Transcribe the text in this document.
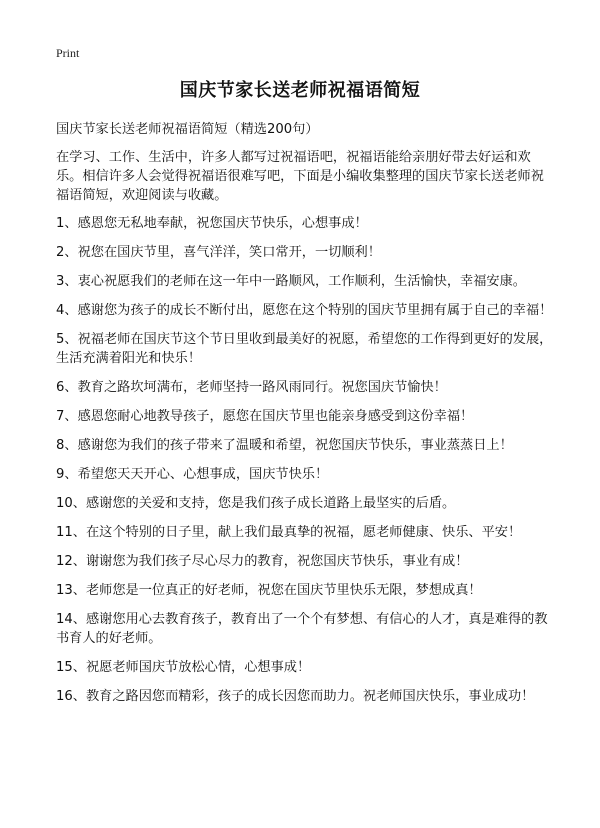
Print
国庆节家长送老师祝福语简短

国庆节家长送老师祝福语简短（精选200句）

在学习、工作、生活中，许多人都写过祝福语吧，祝福语能给亲朋好带去好运和欢乐。相信许多人会觉得祝福语很难写吧，下面是小编收集整理的国庆节家长送老师祝福语简短，欢迎阅读与收藏。

1、感恩您无私地奉献，祝您国庆节快乐，心想事成！
2、祝您在国庆节里，喜气洋洋，笑口常开，一切顺利！
3、衷心祝愿我们的老师在这一年中一路顺风，工作顺利，生活愉快，幸福安康。
4、感谢您为孩子的成长不断付出，愿您在这个特别的国庆节里拥有属于自己的幸福！
5、祝福老师在国庆节这个节日里收到最美好的祝愿，希望您的工作得到更好的发展，生活充满着阳光和快乐！
6、教育之路坎坷满布，老师坚持一路风雨同行。祝您国庆节愉快！
7、感恩您耐心地教导孩子，愿您在国庆节里也能亲身感受到这份幸福！
8、感谢您为我们的孩子带来了温暖和希望，祝您国庆节快乐，事业蒸蒸日上！
9、希望您天天开心、心想事成，国庆节快乐！
10、感谢您的关爱和支持，您是我们孩子成长道路上最坚实的后盾。
11、在这个特别的日子里，献上我们最真挚的祝福，愿老师健康、快乐、平安！
12、谢谢您为我们孩子尽心尽力的教育，祝您国庆节快乐，事业有成！
13、老师您是一位真正的好老师，祝您在国庆节里快乐无限，梦想成真！
14、感谢您用心去教育孩子，教育出了一个个有梦想、有信心的人才，真是难得的教书育人的好老师。
15、祝愿老师国庆节放松心情，心想事成！
16、教育之路因您而精彩，孩子的成长因您而助力。祝老师国庆快乐，事业成功！
